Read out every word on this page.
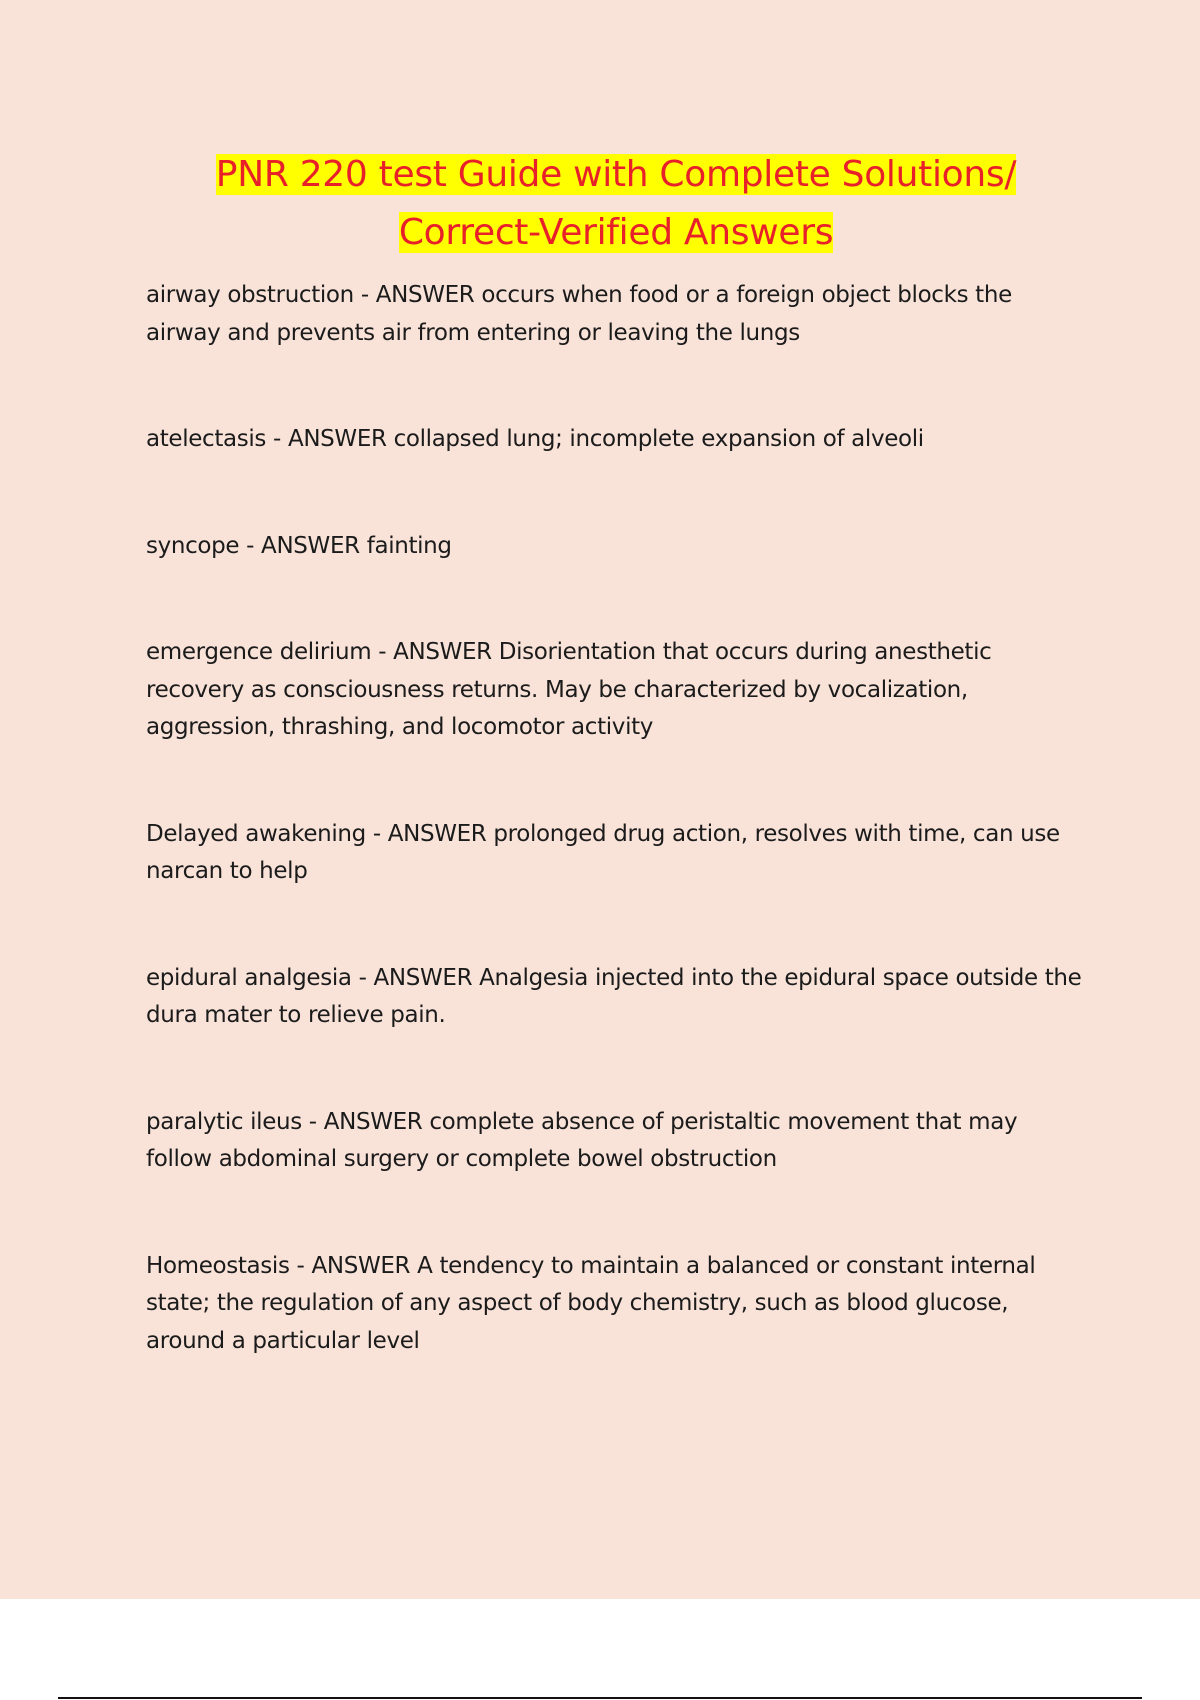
PNR 220 test Guide with Complete Solutions/
Correct-Verified Answers

airway obstruction - ANSWER occurs when food or a foreign object blocks the airway and prevents air from entering or leaving the lungs

atelectasis - ANSWER collapsed lung; incomplete expansion of alveoli

syncope - ANSWER fainting

emergence delirium - ANSWER Disorientation that occurs during anesthetic recovery as consciousness returns. May be characterized by vocalization, aggression, thrashing, and locomotor activity

Delayed awakening - ANSWER prolonged drug action, resolves with time, can use narcan to help

epidural analgesia - ANSWER Analgesia injected into the epidural space outside the dura mater to relieve pain.

paralytic ileus - ANSWER complete absence of peristaltic movement that may follow abdominal surgery or complete bowel obstruction

Homeostasis - ANSWER A tendency to maintain a balanced or constant internal state; the regulation of any aspect of body chemistry, such as blood glucose, around a particular level
